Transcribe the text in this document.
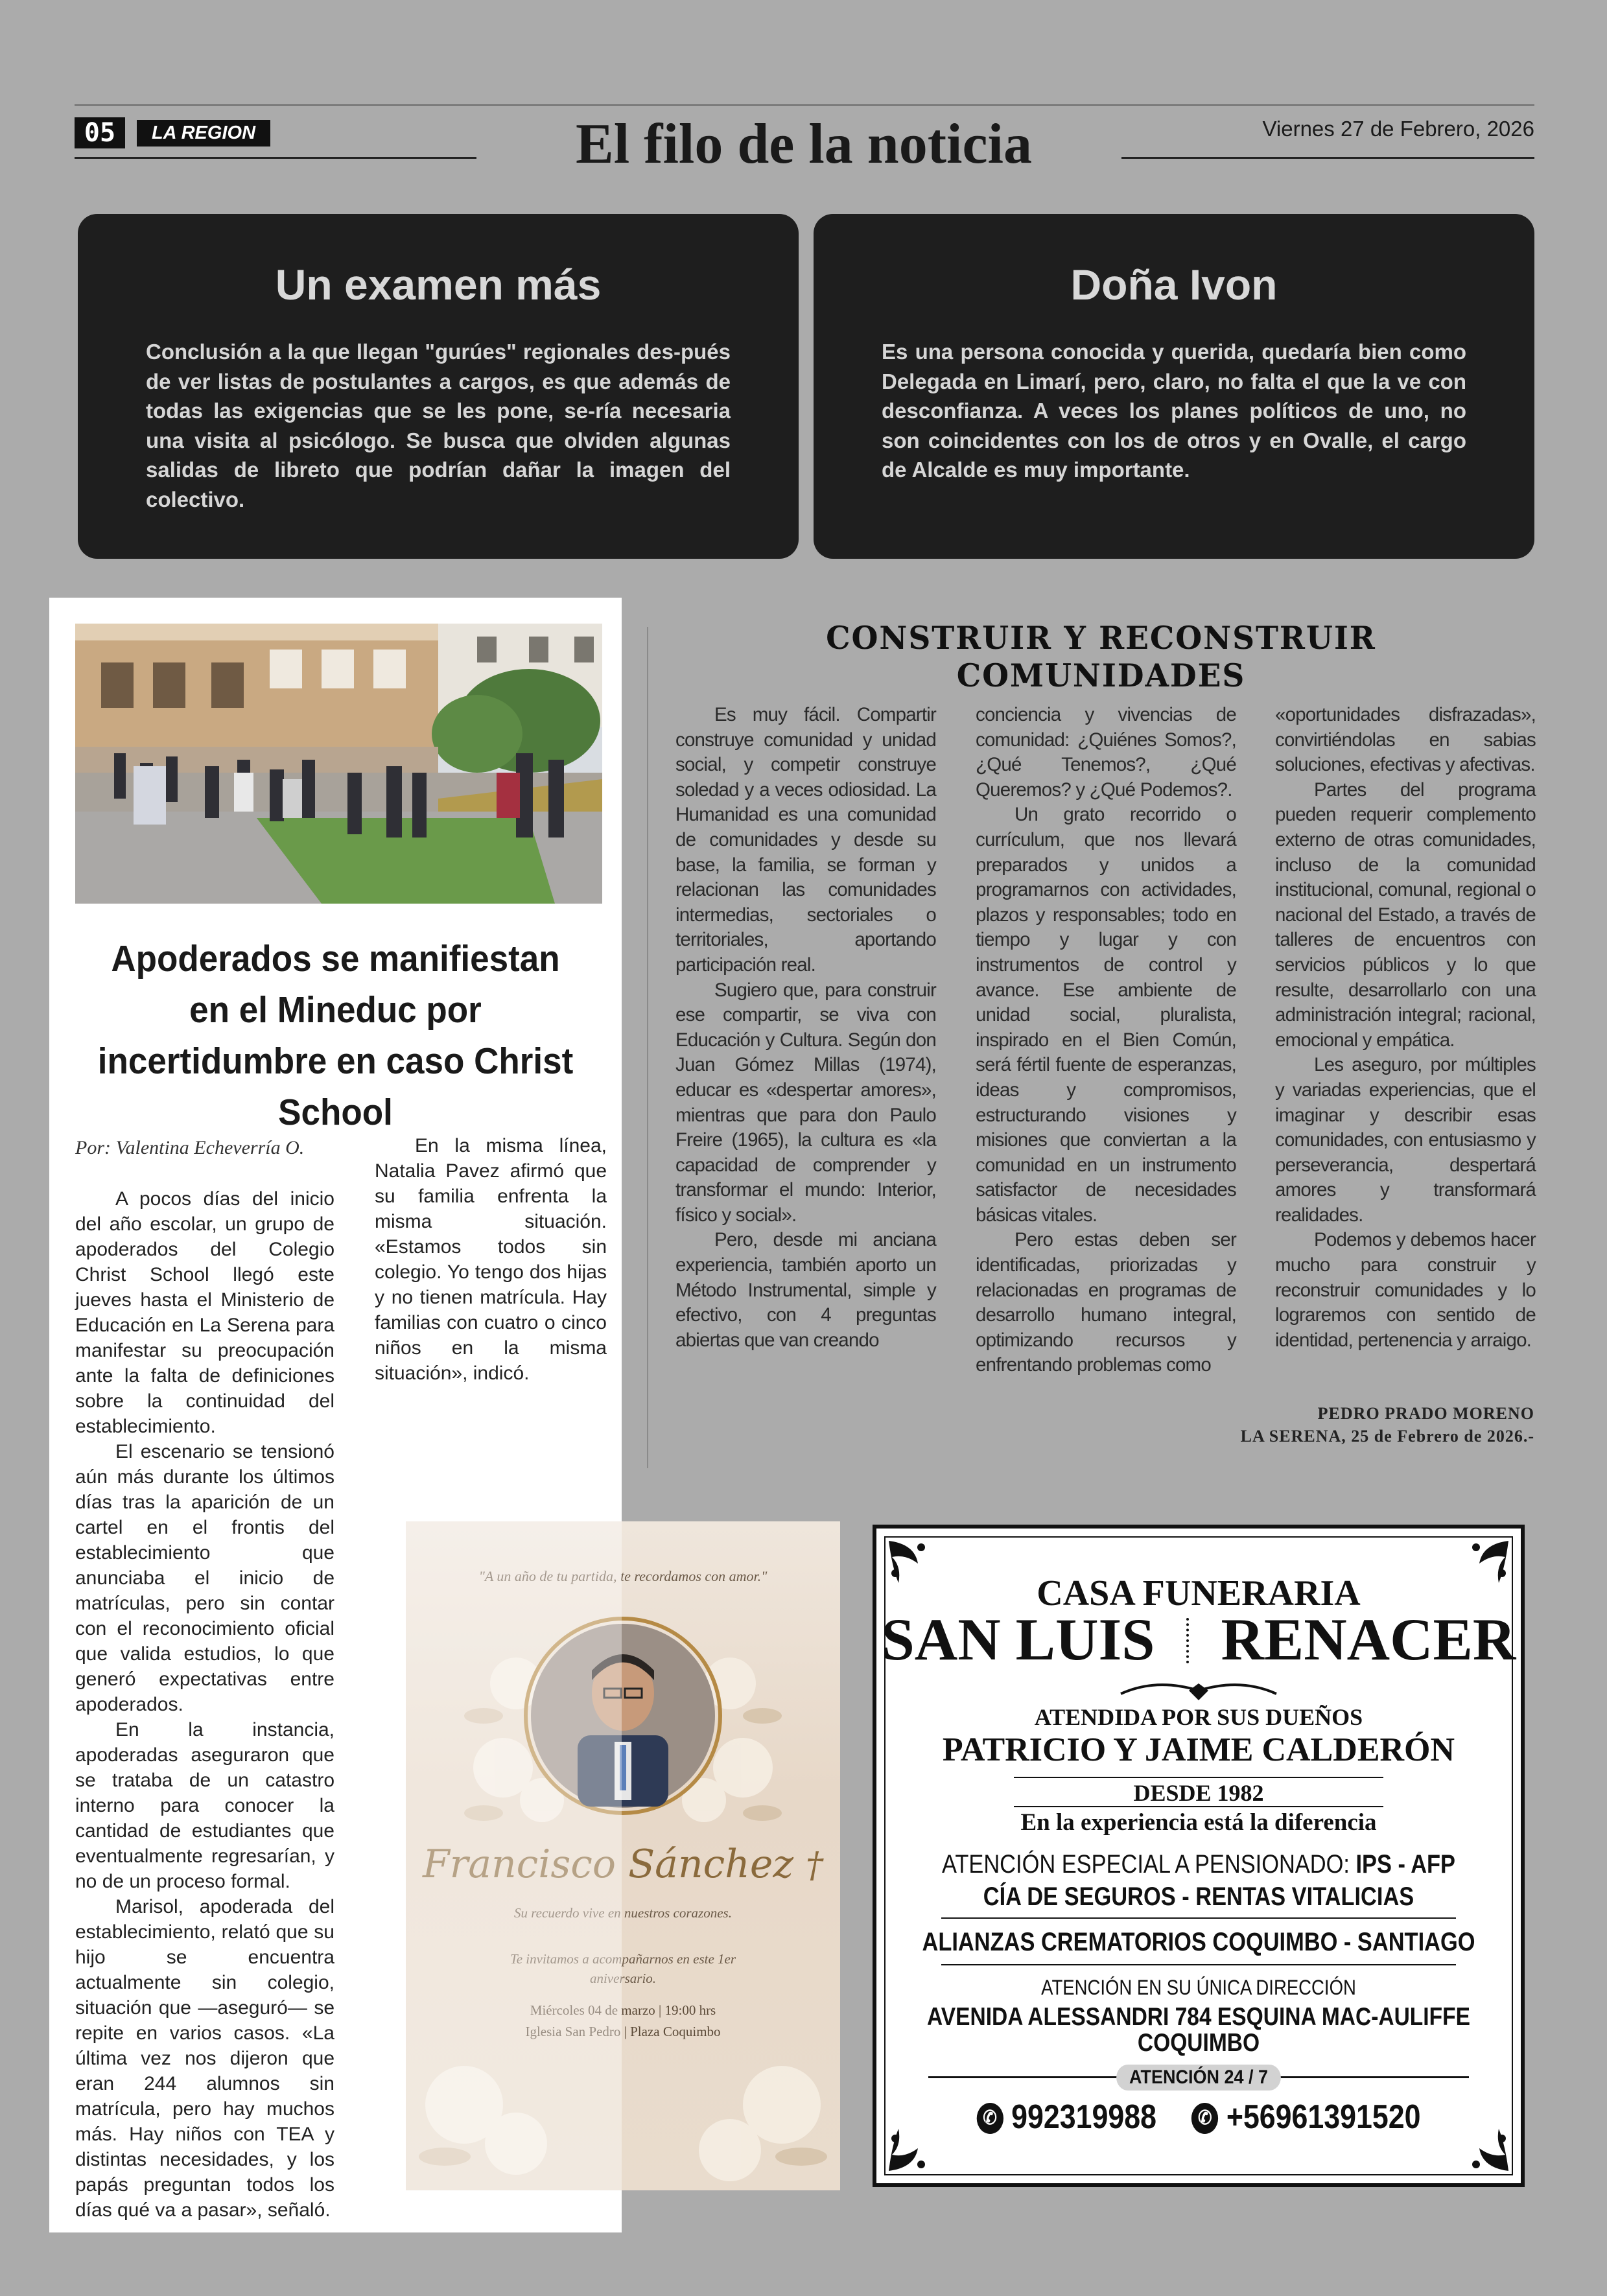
05	LA REGION	El filo de la noticia	Viernes 27 de Febrero, 2026
Un examen más

Conclusión a la que llegan "gurúes" regionales des-pués de ver listas de postulantes a cargos, es que además de todas las exigencias que se les pone, se-ría necesaria una visita al psicólogo. Se busca que olviden algunas salidas de libreto que podrían dañar la imagen del colectivo.

Doña Ivon

Es una persona conocida y querida, quedaría bien como Delegada en Limarí, pero, claro, no falta el que la ve con desconfianza. A veces los planes políticos de uno, no son coincidentes con los de otros y en Ovalle, el cargo de Alcalde es muy importante.

Apoderados se manifiestan en el Mineduc por incertidumbre en caso Christ School
Por: Valentina Echeverría O.

A pocos días del inicio del año escolar, un grupo de apoderados del Colegio Christ School llegó este jueves hasta el Ministerio de Educación en La Serena para manifestar su preocupación ante la falta de definiciones sobre la continuidad del establecimiento.

El escenario se tensionó aún más durante los últimos días tras la aparición de un cartel en el frontis del establecimiento que anunciaba el inicio de matrículas, pero sin contar con el reconocimiento oficial que valida estudios, lo que generó expectativas entre apoderados.

En la instancia, apoderadas aseguraron que se trataba de un catastro interno para conocer la cantidad de estudiantes que eventualmente regresarían, y no de un proceso formal.

Marisol, apoderada del establecimiento, relató que su hijo se encuentra actualmente sin colegio, situación que —aseguró— se repite en varios casos. «La última vez nos dijeron que eran 244 alumnos sin matrícula, pero hay muchos más. Hay niños con TEA y distintas necesidades, y los papás preguntan todos los días qué va a pasar», señaló.

En la misma línea, Natalia Pavez afirmó que su familia enfrenta la misma situación. «Estamos todos sin colegio. Yo tengo dos hijas y no tienen matrícula. Hay familias con cuatro o cinco niños en la misma situación», indicó.

"A un año de tu partida, te recordamos con amor."
Francisco Sánchez †
Su recuerdo vive en nuestros corazones.
Te invitamos a acompañarnos en este 1er aniversario.
Miércoles 04 de marzo | 19:00 hrs
Iglesia San Pedro | Plaza Coquimbo
CONSTRUIR Y RECONSTRUIR COMUNIDADES

Es muy fácil. Compartir construye comunidad y unidad social, y competir construye soledad y a veces odiosidad. La Humanidad es una comunidad de comunidades y desde su base, la familia, se forman y relacionan las comunidades intermedias, sectoriales o territoriales, aportando participación real.

Sugiero que, para construir ese compartir, se viva con Educación y Cultura. Según don Juan Gómez Millas (1974), educar es «despertar amores», mientras que para don Paulo Freire (1965), la cultura es «la capacidad de comprender y transformar el mundo: Interior, físico y social».

Pero, desde mi anciana experiencia, también aporto un Método Instrumental, simple y efectivo, con 4 preguntas abiertas que van creando

conciencia y vivencias de comunidad: ¿Quiénes Somos?, ¿Qué Tenemos?, ¿Qué Queremos? y ¿Qué Podemos?.

Un grato recorrido o currículum, que nos llevará preparados y unidos a programarnos con actividades, plazos y responsables; todo en tiempo y lugar y con instrumentos de control y avance. Ese ambiente de unidad social, pluralista, inspirado en el Bien Común, será fértil fuente de esperanzas, ideas y compromisos, estructurando visiones y misiones que conviertan a la comunidad en un instrumento satisfactor de necesidades básicas vitales.

Pero estas deben ser identificadas, priorizadas y relacionadas en programas de desarrollo humano integral, optimizando recursos y enfrentando problemas como

«oportunidades disfrazadas», convirtiéndolas en sabias soluciones, efectivas y afectivas.

Partes del programa pueden requerir complemento externo de otras comunidades, incluso de la comunidad institucional, comunal, regional o nacional del Estado, a través de talleres de encuentros con servicios públicos y lo que resulte, desarrollarlo con una administración integral; racional, emocional y empática.

Les aseguro, por múltiples y variadas experiencias, que el imaginar y describir esas comunidades, con entusiasmo y perseverancia, despertará amores y transformará realidades.

Podemos y debemos hacer mucho para construir y reconstruir comunidades y lo lograremos con sentido de identidad, pertenencia y arraigo.

PEDRO PRADO MORENO
LA SERENA, 25 de Febrero de 2026.-
CASA FUNERARIA
SAN LUIS RENACER
ATENDIDA POR SUS DUEÑOS
PATRICIO Y JAIME CALDERÓN
DESDE 1982
En la experiencia está la diferencia
ATENCIÓN ESPECIAL A PENSIONADO: IPS - AFP
CÍA DE SEGUROS - RENTAS VITALICIAS
ALIANZAS CREMATORIOS COQUIMBO - SANTIAGO
ATENCIÓN EN SU ÚNICA DIRECCIÓN
AVENIDA ALESSANDRI 784 ESQUINA MAC-AULIFFE
COQUIMBO
ATENCIÓN 24 / 7
✆ 992319988 ✆ +56961391520
